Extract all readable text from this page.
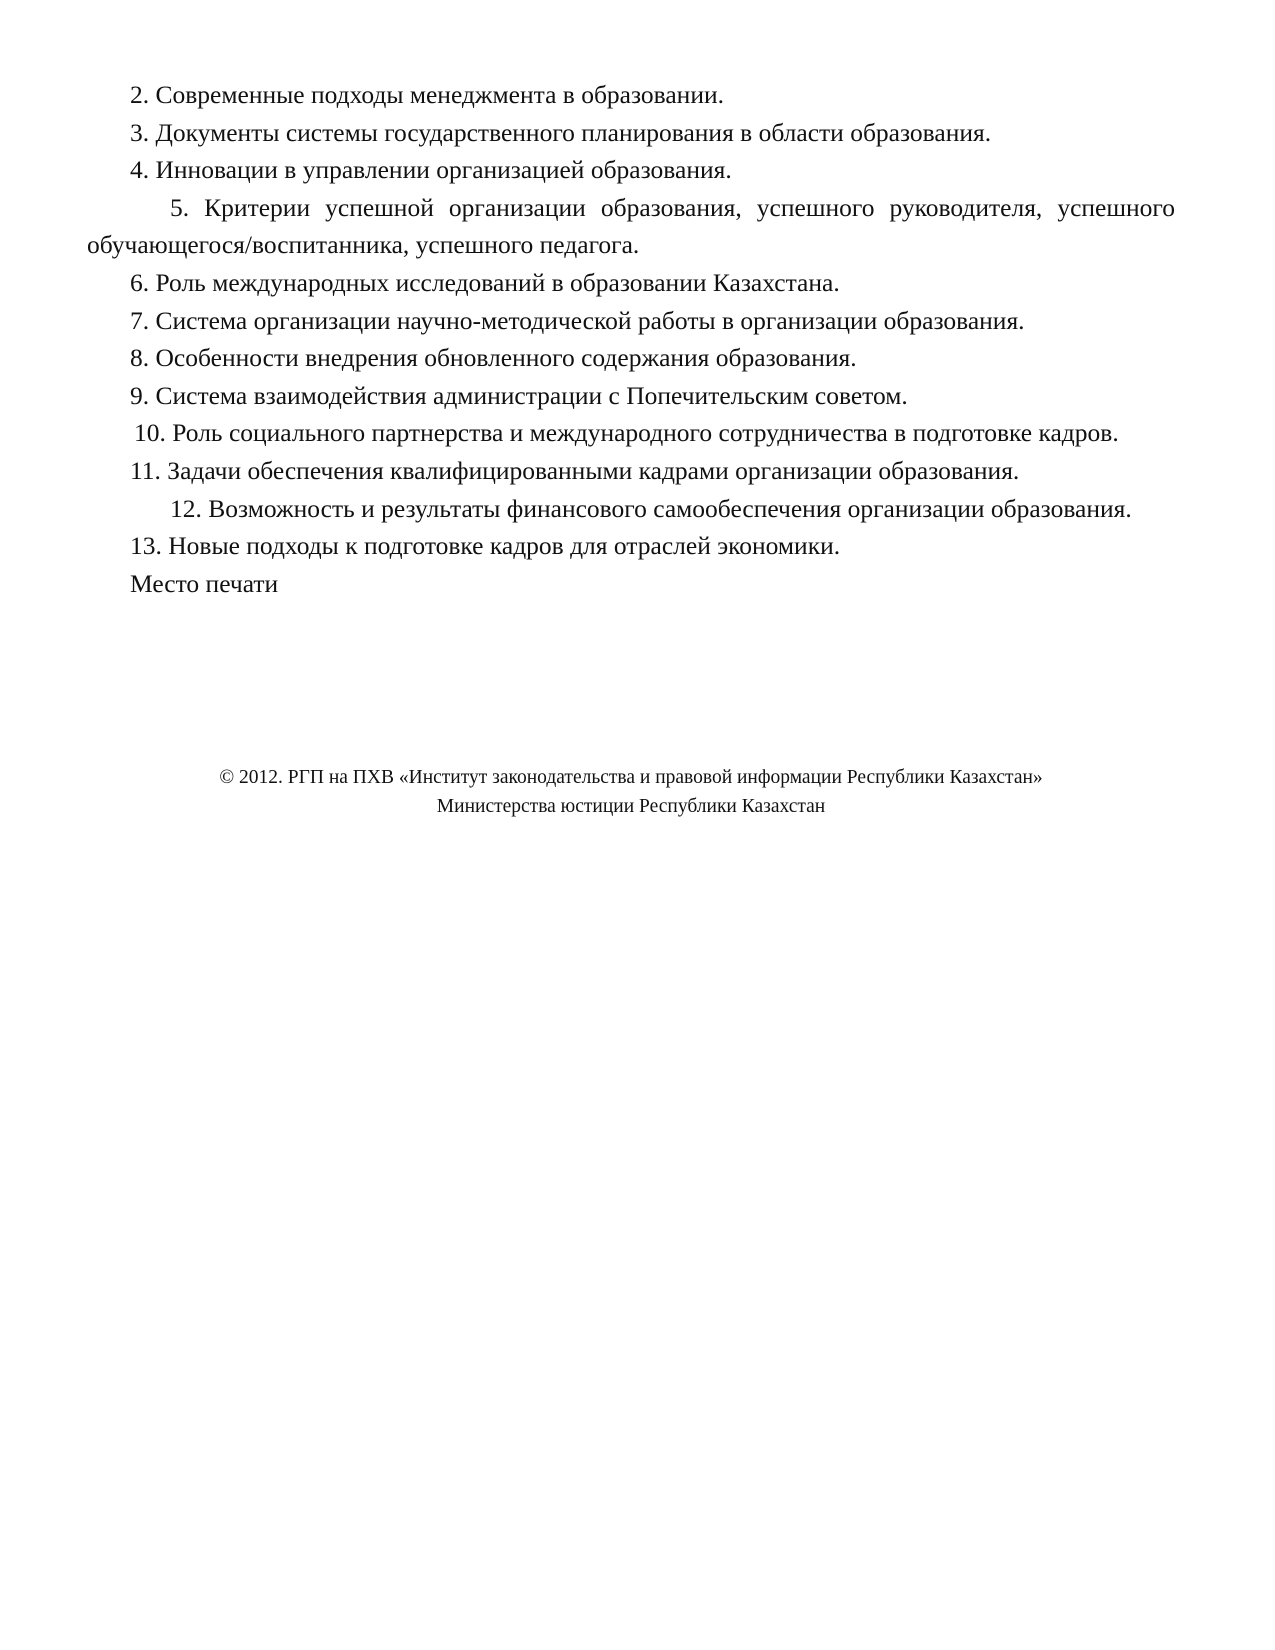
2. Современные подходы менеджмента в образовании.

3. Документы системы государственного планирования в области образования.

4. Инновации в управлении организацией образования.

5. Критерии успешной организации образования, успешного руководителя, успешного обучающегося/воспитанника, успешного педагога.

6. Роль международных исследований в образовании Казахстана.

7. Система организации научно-методической работы в организации образования.

8. Особенности внедрения обновленного содержания образования.

9. Система взаимодействия администрации с Попечительским советом.

10. Роль социального партнерства и международного сотрудничества в подготовке кадров.

11. Задачи обеспечения квалифицированными кадрами организации образования.

12. Возможность и результаты финансового самообеспечения организации образования.

13. Новые подходы к подготовке кадров для отраслей экономики.

Место печати

© 2012. РГП на ПХВ «Институт законодательства и правовой информации Республики Казахстан»
Министерства юстиции Республики Казахстан
